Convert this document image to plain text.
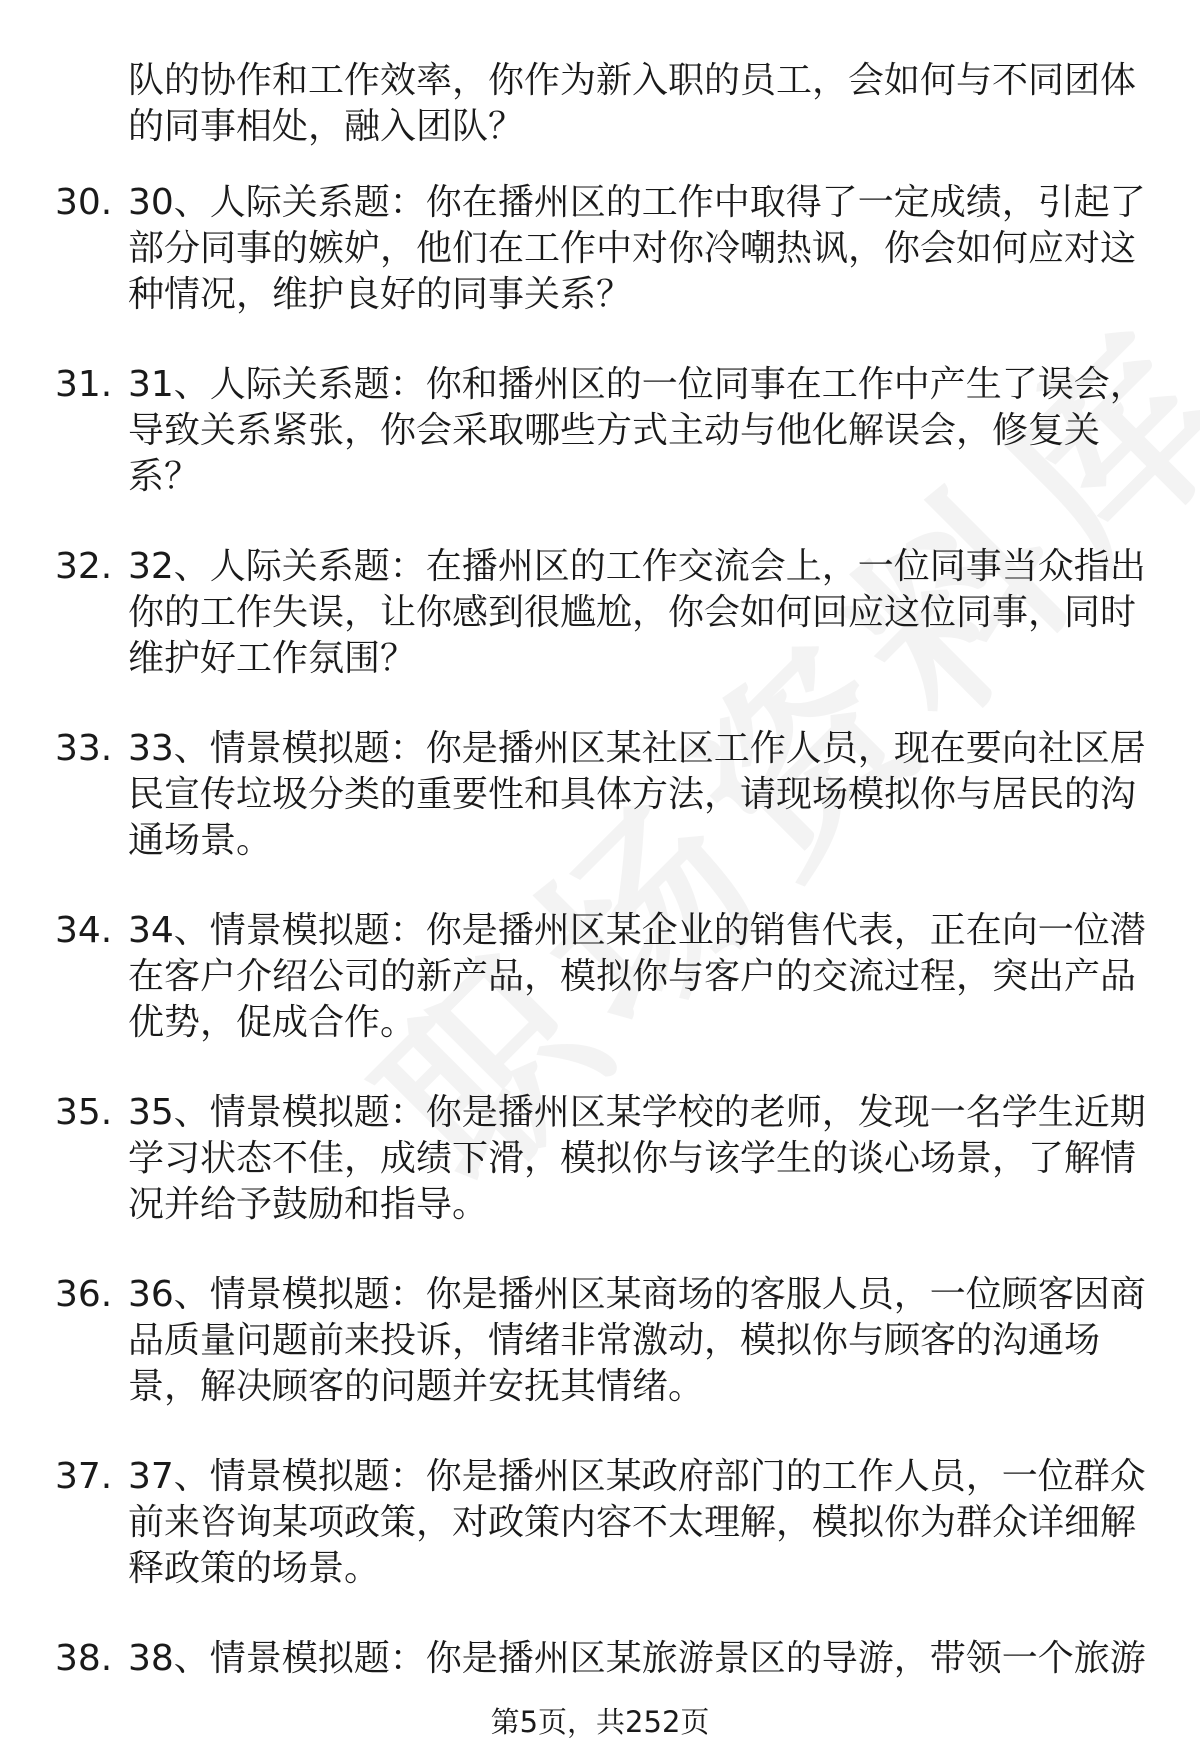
队的协作和工作效率，你作为新入职的员工，会如何与不同团体的同事相处，融入团队？

30. 30、人际关系题：你在播州区的工作中取得了一定成绩，引起了部分同事的嫉妒，他们在工作中对你冷嘲热讽，你会如何应对这种情况，维护良好的同事关系？
31. 31、人际关系题：你和播州区的一位同事在工作中产生了误会，导致关系紧张，你会采取哪些方式主动与他化解误会，修复关系？
32. 32、人际关系题：在播州区的工作交流会上，一位同事当众指出你的工作失误，让你感到很尴尬，你会如何回应这位同事，同时维护好工作氛围？
33. 33、情景模拟题：你是播州区某社区工作人员，现在要向社区居民宣传垃圾分类的重要性和具体方法，请现场模拟你与居民的沟通场景。
34. 34、情景模拟题：你是播州区某企业的销售代表，正在向一位潜在客户介绍公司的新产品，模拟你与客户的交流过程，突出产品优势，促成合作。
35. 35、情景模拟题：你是播州区某学校的老师，发现一名学生近期学习状态不佳，成绩下滑，模拟你与该学生的谈心场景，了解情况并给予鼓励和指导。
36. 36、情景模拟题：你是播州区某商场的客服人员，一位顾客因商品质量问题前来投诉，情绪非常激动，模拟你与顾客的沟通场景，解决顾客的问题并安抚其情绪。
37. 37、情景模拟题：你是播州区某政府部门的工作人员，一位群众前来咨询某项政策，对政策内容不太理解，模拟你为群众详细解释政策的场景。
38. 38、情景模拟题：你是播州区某旅游景区的导游，带领一个旅游
第5页，共252页
